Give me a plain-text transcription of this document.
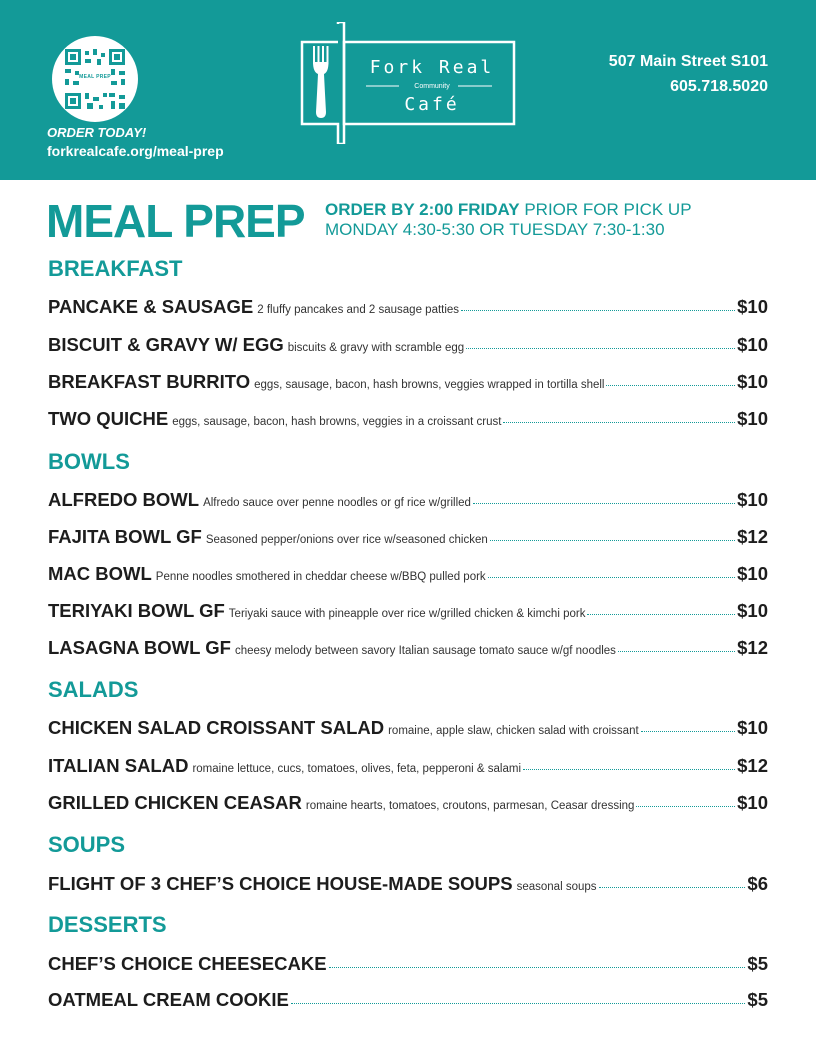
MEAL PREP
ORDER TODAY!
forkrealcafe.org/meal-prep
Fork Real
Community
Café
507 Main Street S101
605.718.5020
MEAL PREP ORDER BY 2:00 FRIDAY PRIOR FOR PICK UP
MONDAY 4:30-5:30 OR TUESDAY 7:30-1:30
BREAKFAST
PANCAKE & SAUSAGE 2 fluffy pancakes and 2 sausage patties	$10
BISCUIT & GRAVY W/ EGG biscuits & gravy with scramble egg	$10
BREAKFAST BURRITO eggs, sausage, bacon, hash browns, veggies wrapped in tortilla shell	$10
TWO QUICHE eggs, sausage, bacon, hash browns, veggies in a croissant crust	$10
BOWLS
ALFREDO BOWL Alfredo sauce over penne noodles or gf rice w/grilled	$10
FAJITA BOWL GF Seasoned pepper/onions over rice w/seasoned chicken	$12
MAC BOWL Penne noodles smothered in cheddar cheese w/BBQ pulled pork	$10
TERIYAKI BOWL GF Teriyaki sauce with pineapple over rice w/grilled chicken & kimchi pork	$10
LASAGNA BOWL GF cheesy melody between savory Italian sausage tomato sauce w/gf noodles	$12
SALADS
CHICKEN SALAD CROISSANT SALAD romaine, apple slaw, chicken salad with croissant	$10
ITALIAN SALAD romaine lettuce, cucs, tomatoes, olives, feta, pepperoni & salami	$12
GRILLED CHICKEN CEASAR romaine hearts, tomatoes, croutons, parmesan, Ceasar dressing	$10
SOUPS
FLIGHT OF 3 CHEF’S CHOICE HOUSE-MADE SOUPS seasonal soups	$6
DESSERTS
CHEF’S CHOICE CHEESECAKE	$5
OATMEAL CREAM COOKIE	$5
